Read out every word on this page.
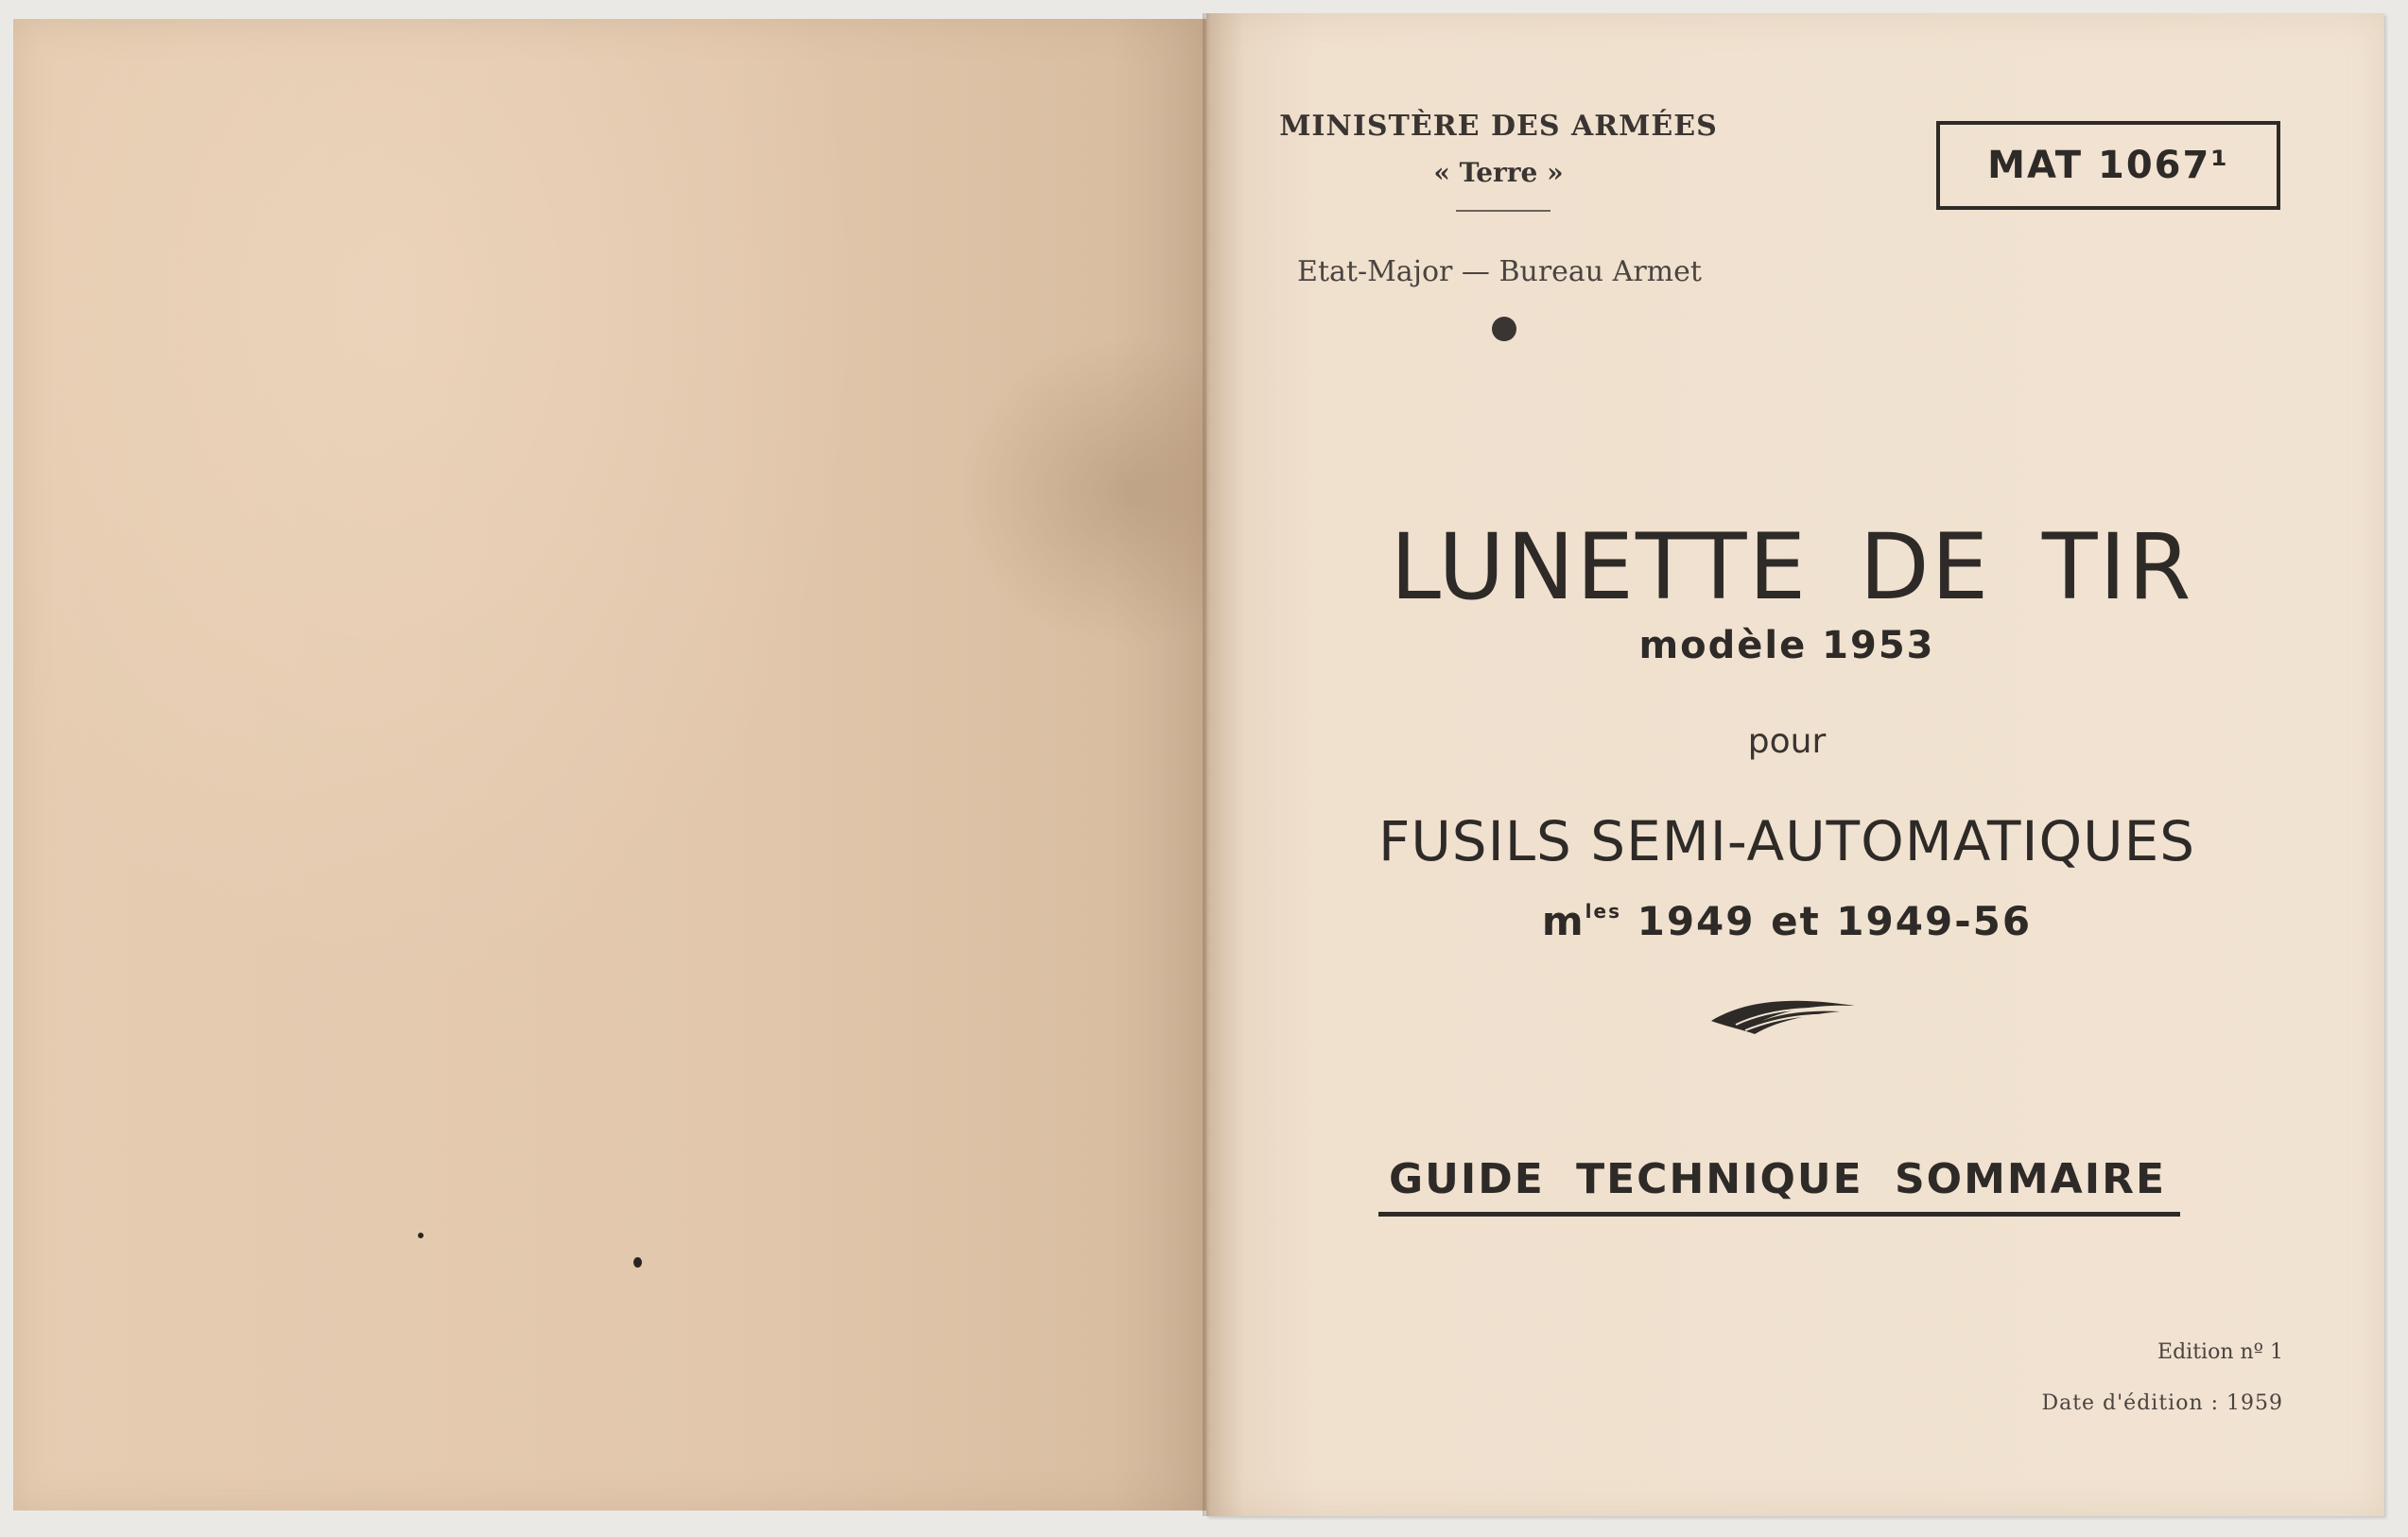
MINISTÈRE DES ARMÉES
« Terre »
Etat-Major — Bureau Armet
MAT 1067¹
LUNETTE DE TIR
modèle 1953
pour
FUSILS SEMI-AUTOMATIQUES
$m^{les}$ 1949 et 1949-56
GUIDE TECHNIQUE SOMMAIRE
Edition nº 1
Date d'édition : 1959
